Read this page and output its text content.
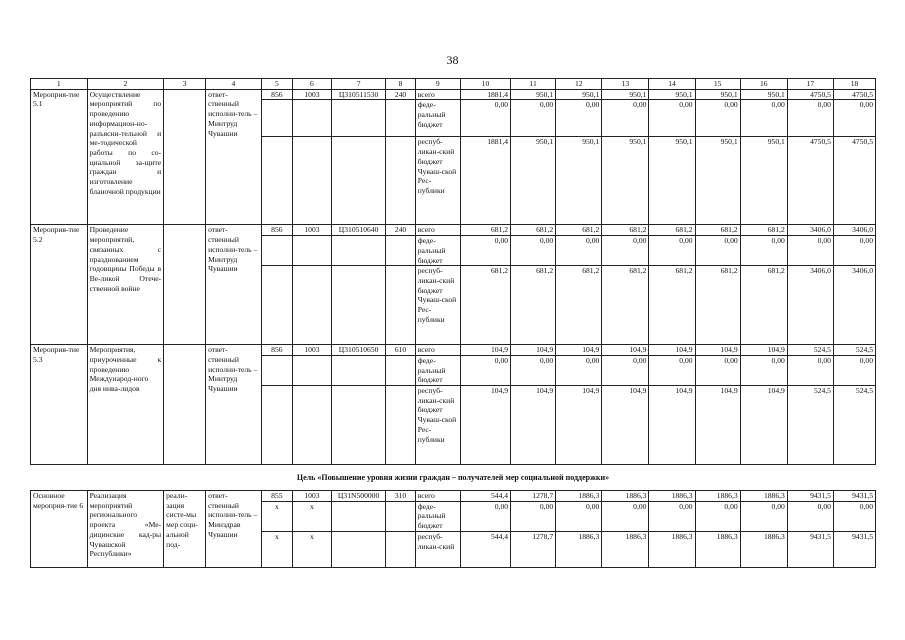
38
1	2	3	4	5	6	7	8	9	10	11	12	13	14	15	16	17	18
Мероприя-тие 5.1	Осуществление мероприятий по проведению информацион-но-разъясни-тельной и ме-тодической работы по со-циальной за-щите граждан и изготовление бланочной продукции		ответ-ственный исполни-тель – Минтруд Чувашии	856	1003	Ц310511530	240	всего	1881,4	950,1	950,1	950,1	950,1	950,1	950,1	4750,5	4750,5
								феде-ральный бюджет	0,00	0,00	0,00	0,00	0,00	0,00	0,00	0,00	0,00
								респуб-ликан-ский бюджет Чуваш-ской Рес-публики	1881,4	950,1	950,1	950,1	950,1	950,1	950,1	4750,5	4750,5
Мероприя-тие 5.2	Проведение мероприятий, связанных с празднованием годовщины Победы в Ве-ликой Отече-ственной войне		ответ-ственный исполни-тель – Минтруд Чувашии	856	1003	Ц310510640	240	всего	681,2	681,2	681,2	681,2	681,2	681,2	681,2	3406,0	3406,0
								феде-ральный бюджет	0,00	0,00	0,00	0,00	0,00	0,00	0,00	0,00	0,00
								респуб-ликан-ский бюджет Чуваш-ской Рес-публики	681,2	681,2	681,2	681,2	681,2	681,2	681,2	3406,0	3406,0
Мероприя-тие 5.3	Мероприятия, приуроченные к проведению Международ-ного дня инва-лидов		ответ-ственный исполни-тель – Минтруд Чувашии	856	1003	Ц310510650	610	всего	104,9	104,9	104,9	104,9	104,9	104,9	104,9	524,5	524,5
								феде-ральный бюджет	0,00	0,00	0,00	0,00	0,00	0,00	0,00	0,00	0,00
								респуб-ликан-ский бюджет Чуваш-ской Рес-публики	104,9	104,9	104,9	104,9	104,9	104,9	104,9	524,5	524,5
Цель «Повышение уровня жизни граждан – получателей мер социальной поддержки»																	
Основное мероприя-тие 6	Реализация мероприятий регионального проекта «Ме-дицинские кад-ры Чувашской Республики»	реали-зация систе-мы мер соци-альной под-	ответ-ственный исполни-тель – Минздрав Чувашии	855	1003	Ц31N500000	310	всего	544,4	1278,7	1886,3	1886,3	1886,3	1886,3	1886,3	9431,5	9431,5
				x	x			феде-ральный бюджет	0,00	0,00	0,00	0,00	0,00	0,00	0,00	0,00	0,00
				x	x			респуб-ликан-ский	544,4	1278,7	1886,3	1886,3	1886,3	1886,3	1886,3	9431,5	9431,5
